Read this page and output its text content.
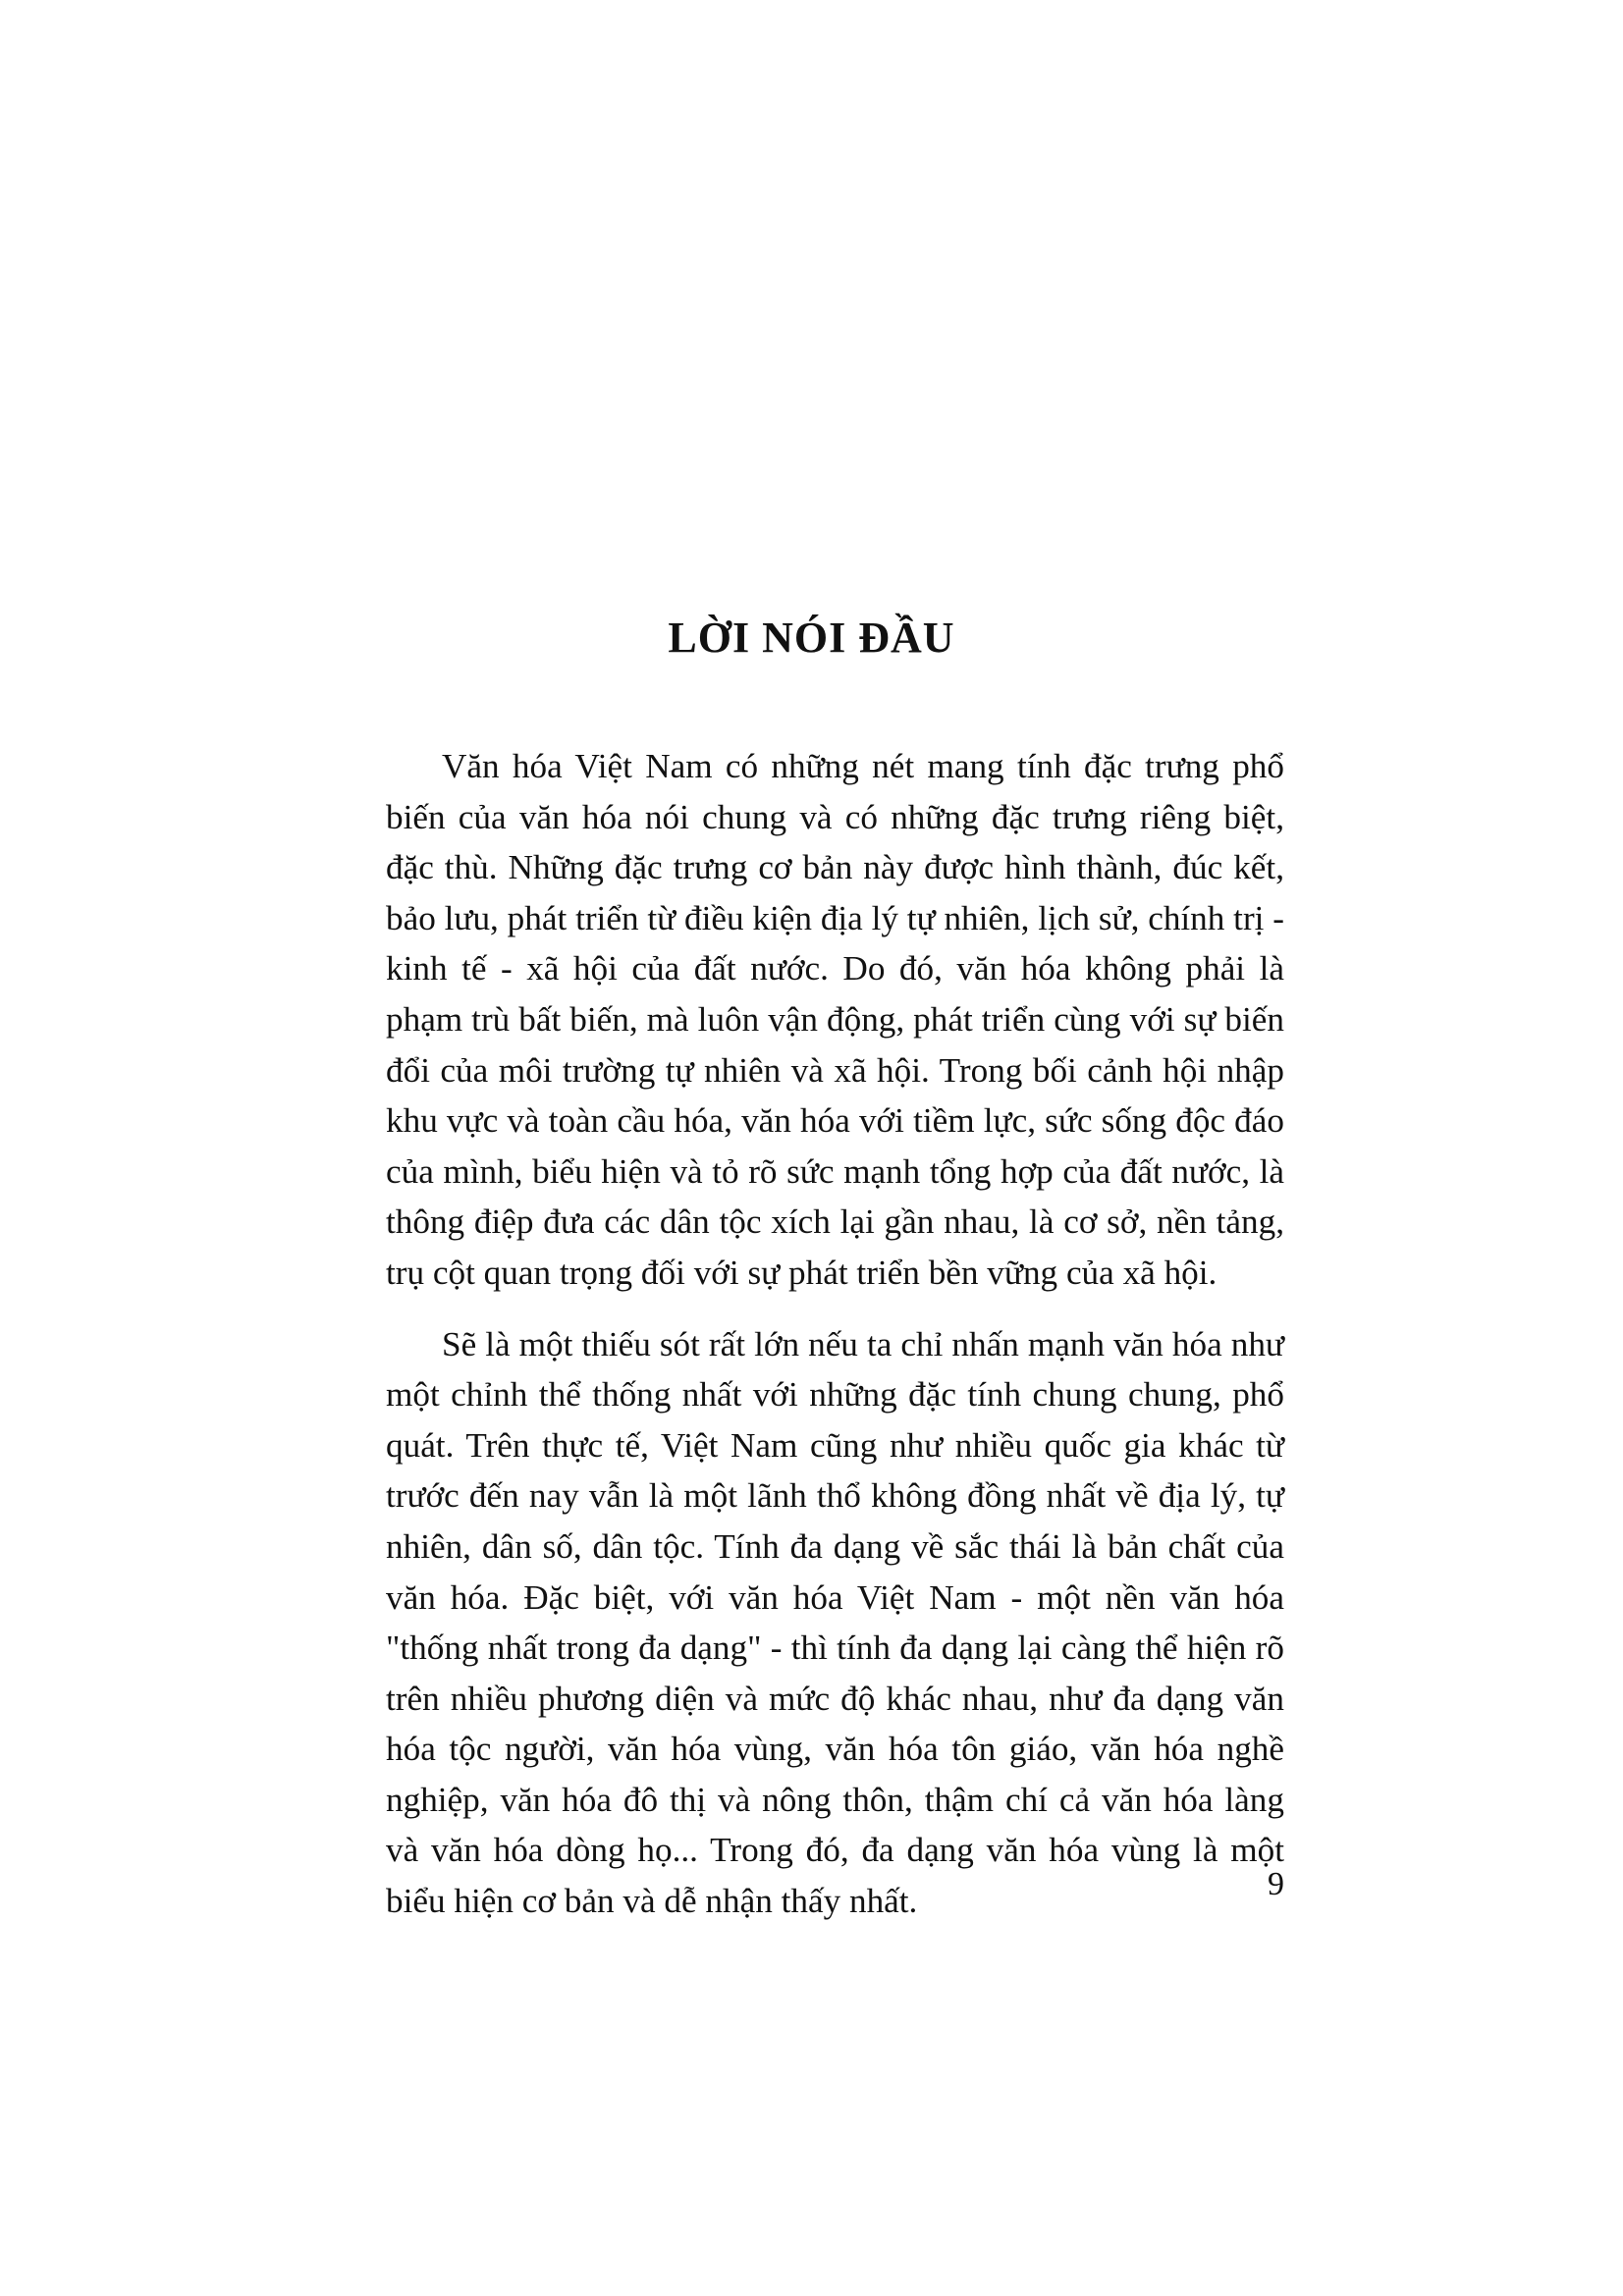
LỜI NÓI ĐẦU

Văn hóa Việt Nam có những nét mang tính đặc trưng phổ biến của văn hóa nói chung và có những đặc trưng riêng biệt, đặc thù. Những đặc trưng cơ bản này được hình thành, đúc kết, bảo lưu, phát triển từ điều kiện địa lý tự nhiên, lịch sử, chính trị - kinh tế - xã hội của đất nước. Do đó, văn hóa không phải là phạm trù bất biến, mà luôn vận động, phát triển cùng với sự biến đổi của môi trường tự nhiên và xã hội. Trong bối cảnh hội nhập khu vực và toàn cầu hóa, văn hóa với tiềm lực, sức sống độc đáo của mình, biểu hiện và tỏ rõ sức mạnh tổng hợp của đất nước, là thông điệp đưa các dân tộc xích lại gần nhau, là cơ sở, nền tảng, trụ cột quan trọng đối với sự phát triển bền vững của xã hội.

Sẽ là một thiếu sót rất lớn nếu ta chỉ nhấn mạnh văn hóa như một chỉnh thể thống nhất với những đặc tính chung chung, phổ quát. Trên thực tế, Việt Nam cũng như nhiều quốc gia khác từ trước đến nay vẫn là một lãnh thổ không đồng nhất về địa lý, tự nhiên, dân số, dân tộc. Tính đa dạng về sắc thái là bản chất của văn hóa. Đặc biệt, với văn hóa Việt Nam - một nền văn hóa "thống nhất trong đa dạng" - thì tính đa dạng lại càng thể hiện rõ trên nhiều phương diện và mức độ khác nhau, như đa dạng văn hóa tộc người, văn hóa vùng, văn hóa tôn giáo, văn hóa nghề nghiệp, văn hóa đô thị và nông thôn, thậm chí cả văn hóa làng và văn hóa dòng họ... Trong đó, đa dạng văn hóa vùng là một biểu hiện cơ bản và dễ nhận thấy nhất.	9
